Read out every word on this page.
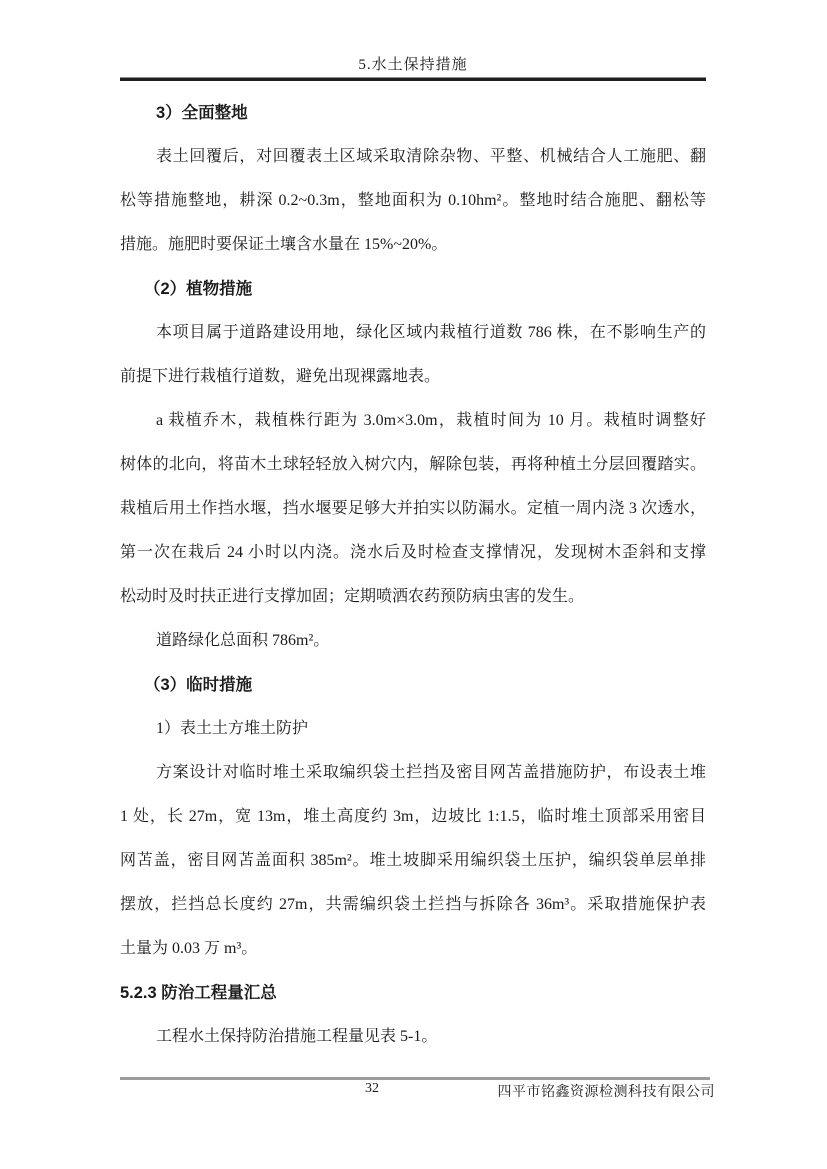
5.水土保持措施
3）全面整地
表土回覆后，对回覆表土区域采取清除杂物、平整、机械结合人工施肥、翻
松等措施整地，耕深 0.2~0.3m，整地面积为 0.10hm²。整地时结合施肥、翻松等
措施。施肥时要保证土壤含水量在 15%~20%。
（2）植物措施
本项目属于道路建设用地，绿化区域内栽植行道数 786 株，在不影响生产的
前提下进行栽植行道数，避免出现裸露地表。
a 栽植乔木，栽植株行距为 3.0m×3.0m，栽植时间为 10 月。栽植时调整好
树体的北向，将苗木土球轻轻放入树穴内，解除包装，再将种植土分层回覆踏实。
栽植后用土作挡水堰，挡水堰要足够大并拍实以防漏水。定植一周内浇 3 次透水，
第一次在栽后 24 小时以内浇。浇水后及时检查支撑情况，发现树木歪斜和支撑
松动时及时扶正进行支撑加固；定期喷洒农药预防病虫害的发生。
道路绿化总面积 786m²。
（3）临时措施
1）表土土方堆土防护
方案设计对临时堆土采取编织袋土拦挡及密目网苫盖措施防护，布设表土堆
1 处，长 27m，宽 13m，堆土高度约 3m，边坡比 1:1.5，临时堆土顶部采用密目
网苫盖，密目网苫盖面积 385m²。堆土坡脚采用编织袋土压护，编织袋单层单排
摆放，拦挡总长度约 27m，共需编织袋土拦挡与拆除各 36m³。采取措施保护表
土量为 0.03 万 m³。
5.2.3 防治工程量汇总
工程水土保持防治措施工程量见表 5-1。
32	四平市铭鑫资源检测科技有限公司
